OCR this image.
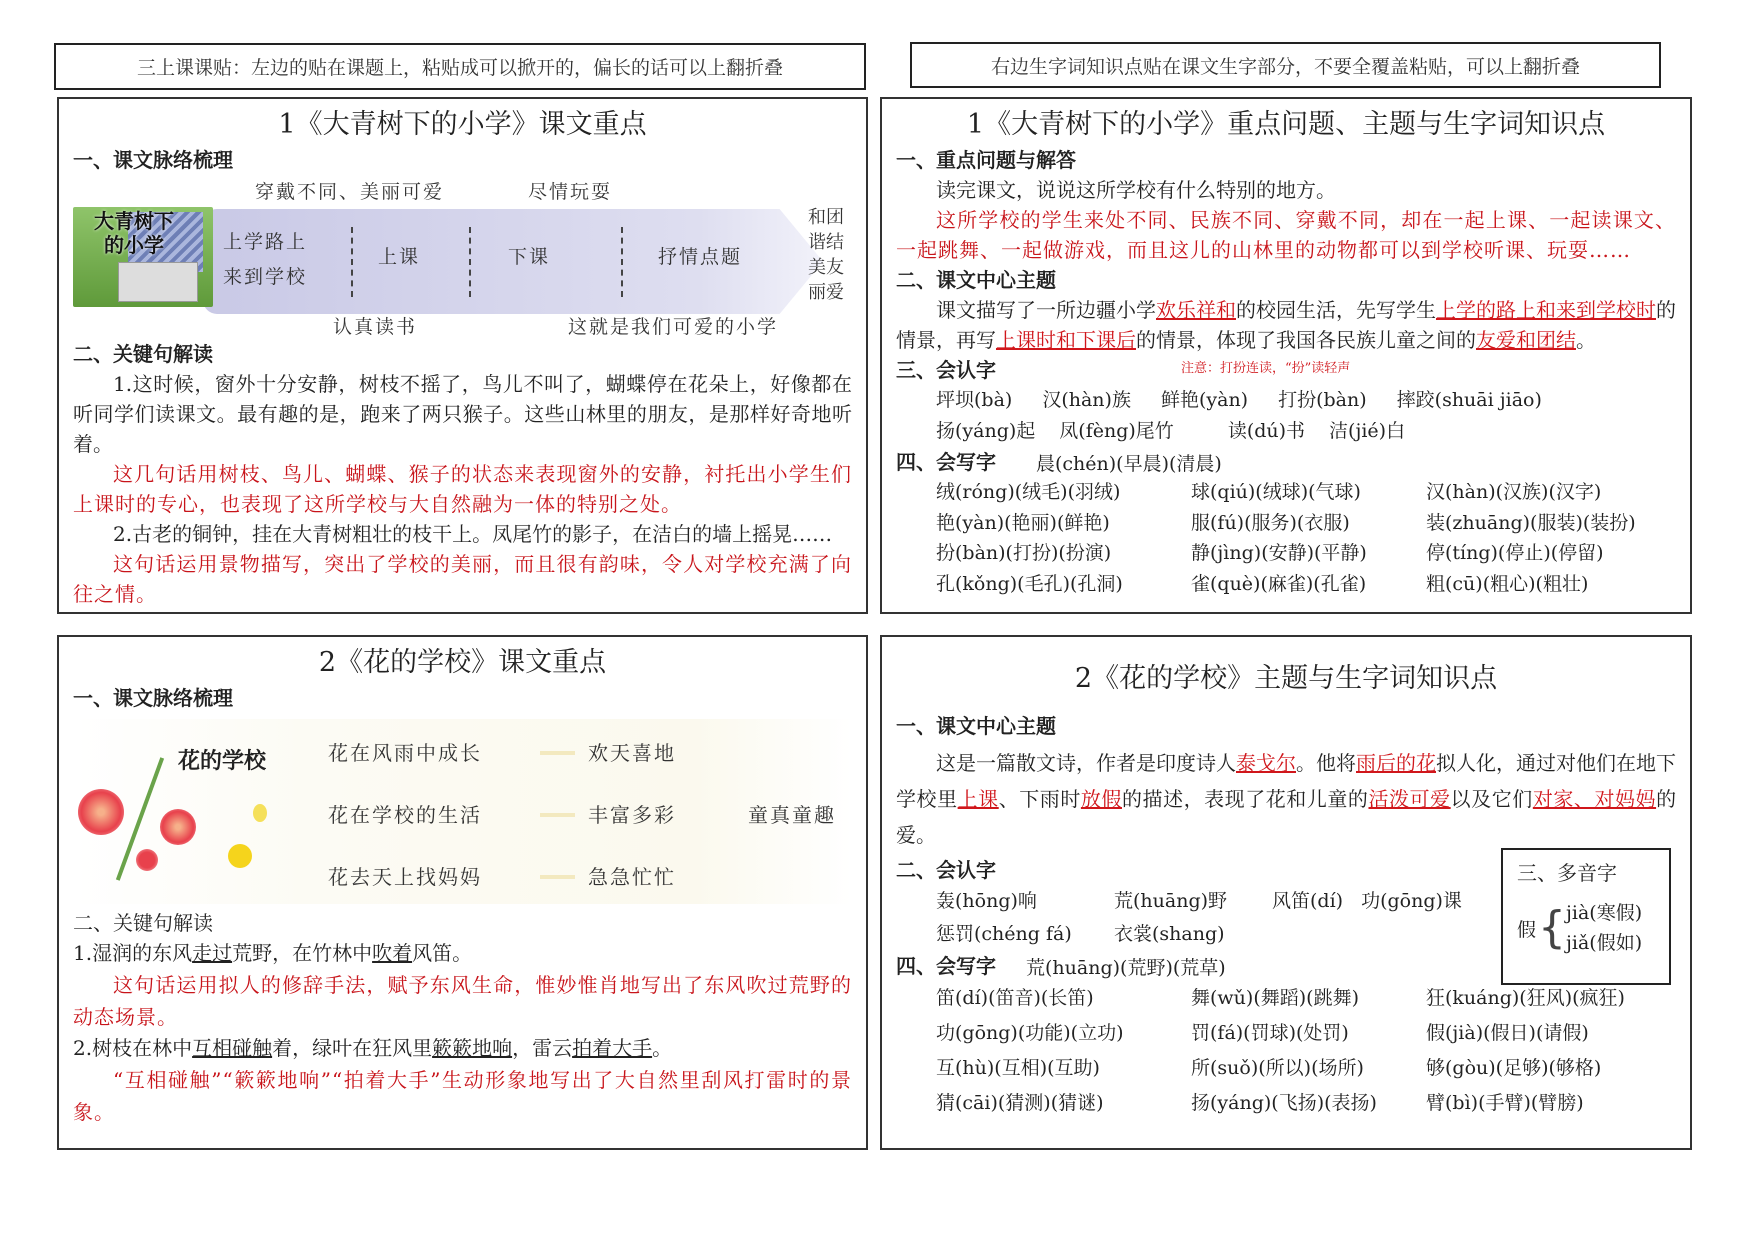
三上课课贴：左边的贴在课题上，粘贴成可以掀开的，偏长的话可以上翻折叠	右边生字词知识点贴在课文生字部分，不要全覆盖粘贴，可以上翻折叠
1《大青树下的小学》课文重点
一、课文脉络梳理
大青树下的小学
穿戴不同、美丽可爱	尽情玩耍
上学路上
来到学校
上课	下课	抒情点题
认真读书	这就是我们可爱的小学
和团
谐结
美友
丽爱
二、关键句解读
1.这时候，窗外十分安静，树枝不摇了，鸟儿不叫了，蝴蝶停在花朵上，好像都在听同学们读课文。最有趣的是，跑来了两只猴子。这些山林里的朋友，是那样好奇地听着。
这几句话用树枝、鸟儿、蝴蝶、猴子的状态来表现窗外的安静，衬托出小学生们上课时的专心，也表现了这所学校与大自然融为一体的特别之处。
2.古老的铜钟，挂在大青树粗壮的枝干上。凤尾竹的影子，在洁白的墙上摇晃……
这句话运用景物描写，突出了学校的美丽，而且很有韵味，令人对学校充满了向往之情。
1《大青树下的小学》重点问题、主题与生字词知识点
一、重点问题与解答
读完课文，说说这所学校有什么特别的地方。
这所学校的学生来处不同、民族不同、穿戴不同，却在一起上课、一起读课文、一起跳舞、一起做游戏，而且这儿的山林里的动物都可以到学校听课、玩耍……
二、课文中心主题
课文描写了一所边疆小学欢乐祥和的校园生活，先写学生上学的路上和来到学校时的情景，再写上课时和下课后的情景，体现了我国各民族儿童之间的友爱和团结。
三、会认字	注意：打扮连读，“扮”读轻声
坪坝(bà) 汉(hàn)族 鲜艳(yàn) 打扮(bàn) 摔跤(shuāi jiāo)
扬(yáng)起 凤(fèng)尾竹	读(dú)书 洁(jié)白
四、会写字 晨(chén)(早晨)(清晨)
绒(róng)(绒毛)(羽绒)	球(qiú)(绒球)(气球)	汉(hàn)(汉族)(汉字)
艳(yàn)(艳丽)(鲜艳)	服(fú)(服务)(衣服)	装(zhuāng)(服装)(装扮)
扮(bàn)(打扮)(扮演)	静(jìng)(安静)(平静)	停(tíng)(停止)(停留)
孔(kǒng)(毛孔)(孔洞)	雀(què)(麻雀)(孔雀)	粗(cū)(粗心)(粗壮)
2《花的学校》课文重点
一、课文脉络梳理
花的学校	花在风雨中成长	欢天喜地
花在学校的生活	丰富多彩
花去天上找妈妈	急急忙忙
童真童趣
二、关键句解读
1.湿润的东风走过荒野，在竹林中吹着风笛。
这句话运用拟人的修辞手法，赋予东风生命，惟妙惟肖地写出了东风吹过荒野的动态场景。
2.树枝在林中互相碰触着，绿叶在狂风里簌簌地响，雷云拍着大手。
“互相碰触”“簌簌地响”“拍着大手”生动形象地写出了大自然里刮风打雷时的景象。
2《花的学校》主题与生字词知识点
一、课文中心主题
这是一篇散文诗，作者是印度诗人泰戈尔。他将雨后的花拟人化，通过对他们在地下学校里上课、下雨时放假的描述，表现了花和儿童的活泼可爱以及它们对家、对妈妈的爱。
二、会认字
轰(hōng)响	荒(huāng)野	风笛(dí) 功(gōng)课
惩罚(chéng fá)	衣裳(shang)
四、会写字 荒(huāng)(荒野)(荒草)
笛(dí)(笛音)(长笛)	舞(wǔ)(舞蹈)(跳舞)	狂(kuáng)(狂风)(疯狂)
功(gōng)(功能)(立功)	罚(fá)(罚球)(处罚)	假(jià)(假日)(请假)
互(hù)(互相)(互助)	所(suǒ)(所以)(场所)	够(gòu)(足够)(够格)
猜(cāi)(猜测)(猜谜)	扬(yáng)(飞扬)(表扬)	臂(bì)(手臂)(臂膀)
三、多音字
假 { jià(寒假)
jiǎ(假如)
